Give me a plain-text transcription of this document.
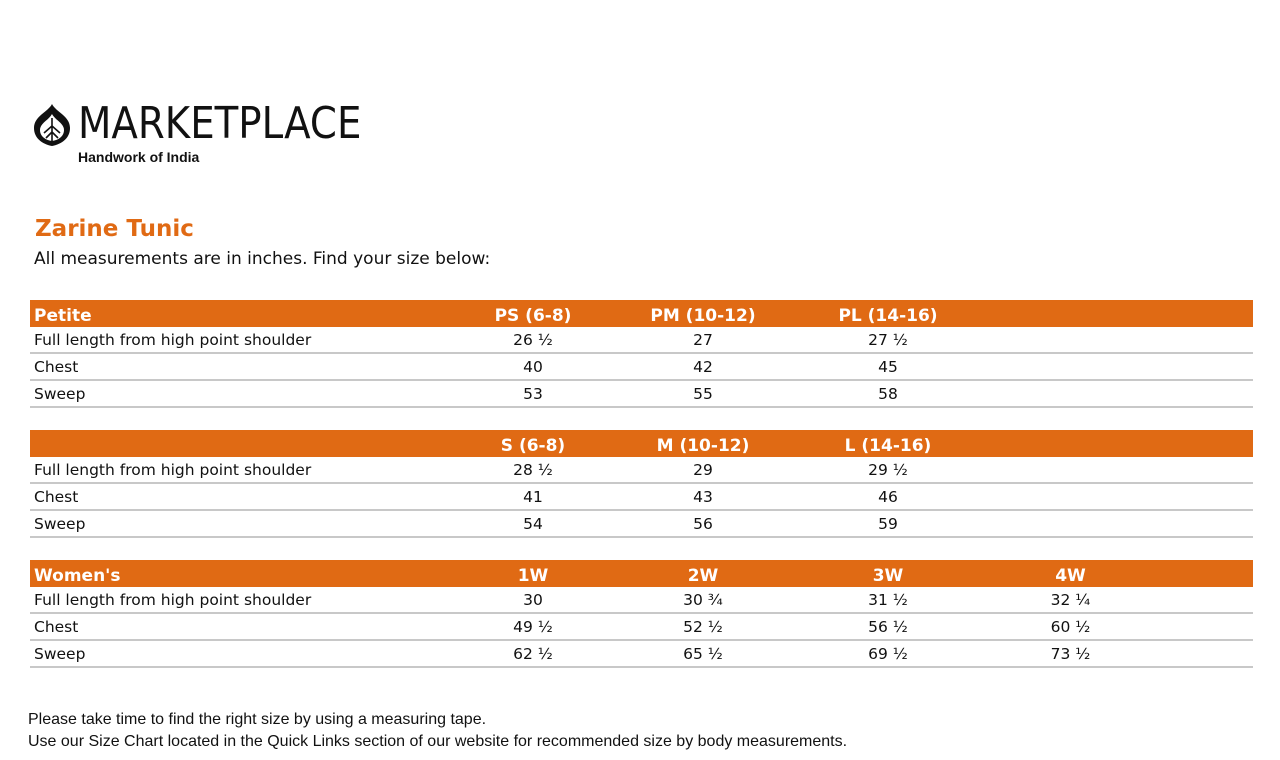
MARKETPLACE
Handwork of India
Zarine Tunic
All measurements are in inches. Find your size below:
Petite	PS (6-8)	PM (10-12)	PL (14-16)		
Full length from high point shoulder	26 ½	27	27 ½		
Chest	40	42	45		
Sweep	53	55	58		
	S (6-8)	M (10-12)	L (14-16)		
Full length from high point shoulder	28 ½	29	29 ½		
Chest	41	43	46		
Sweep	54	56	59		
Women's	1W	2W	3W	4W	
Full length from high point shoulder	30	30 ¾	31 ½	32 ¼	
Chest	49 ½	52 ½	56 ½	60 ½	
Sweep	62 ½	65 ½	69 ½	73 ½	
Please take time to find the right size by using a measuring tape.
Use our Size Chart located in the Quick Links section of our website for recommended size by body measurements.
